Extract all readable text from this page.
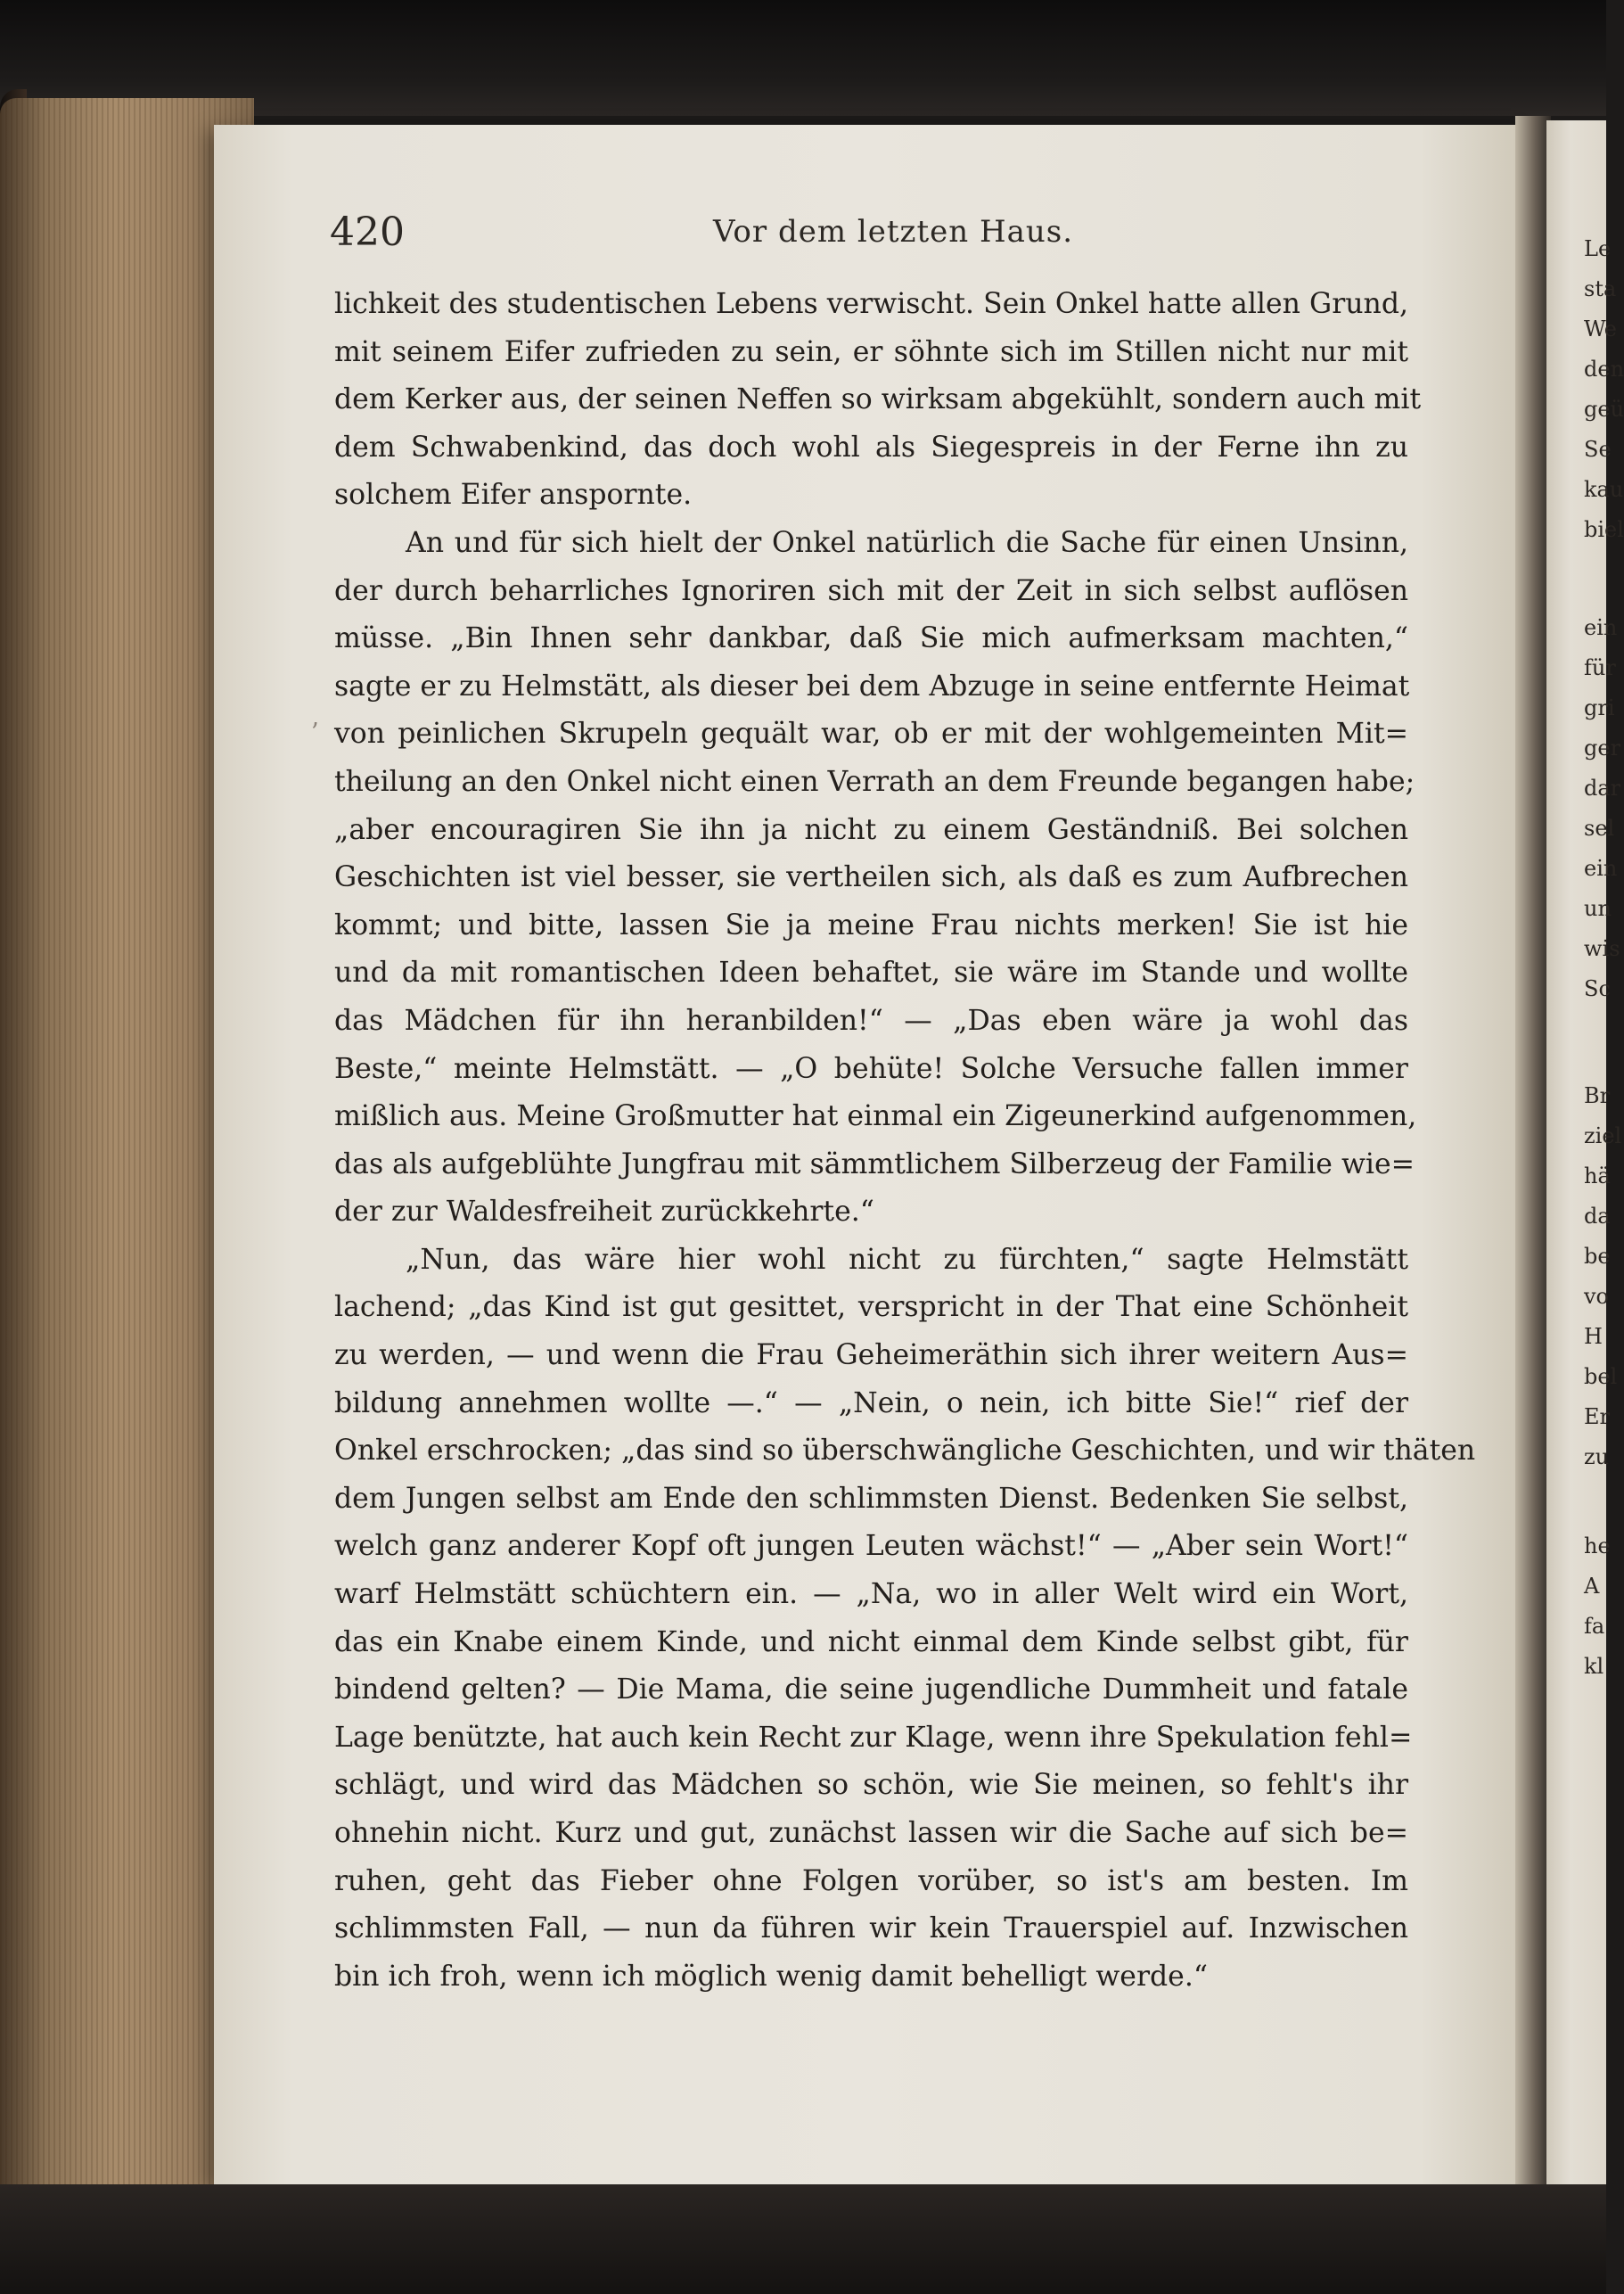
420	Vor dem letzten Haus.
ʼ
lichkeit des studentischen Lebens verwischt. Sein Onkel hatte allen Grund,
mit seinem Eifer zufrieden zu sein, er söhnte sich im Stillen nicht nur mit
dem Kerker aus, der seinen Neffen so wirksam abgekühlt, sondern auch mit
dem Schwabenkind, das doch wohl als Siegespreis in der Ferne ihn zu
solchem Eifer anspornte.
An und für sich hielt der Onkel natürlich die Sache für einen Unsinn,
der durch beharrliches Ignoriren sich mit der Zeit in sich selbst auflösen
müsse. „Bin Ihnen sehr dankbar, daß Sie mich aufmerksam machten,“
sagte er zu Helmstätt, als dieser bei dem Abzuge in seine entfernte Heimat
von peinlichen Skrupeln gequält war, ob er mit der wohlgemeinten Mit=
theilung an den Onkel nicht einen Verrath an dem Freunde begangen habe;
„aber encouragiren Sie ihn ja nicht zu einem Geständniß. Bei solchen
Geschichten ist viel besser, sie vertheilen sich, als daß es zum Aufbrechen
kommt; und bitte, lassen Sie ja meine Frau nichts merken! Sie ist hie
und da mit romantischen Ideen behaftet, sie wäre im Stande und wollte
das Mädchen für ihn heranbilden!“ — „Das eben wäre ja wohl das
Beste,“ meinte Helmstätt. — „O behüte! Solche Versuche fallen immer
mißlich aus. Meine Großmutter hat einmal ein Zigeunerkind aufgenommen,
das als aufgeblühte Jungfrau mit sämmtlichem Silberzeug der Familie wie=
der zur Waldesfreiheit zurückkehrte.“
„Nun, das wäre hier wohl nicht zu fürchten,“ sagte Helmstätt
lachend; „das Kind ist gut gesittet, verspricht in der That eine Schönheit
zu werden, — und wenn die Frau Geheimeräthin sich ihrer weitern Aus=
bildung annehmen wollte —.“ — „Nein, o nein, ich bitte Sie!“ rief der
Onkel erschrocken; „das sind so überschwängliche Geschichten, und wir thäten
dem Jungen selbst am Ende den schlimmsten Dienst. Bedenken Sie selbst,
welch ganz anderer Kopf oft jungen Leuten wächst!“ — „Aber sein Wort!“
warf Helmstätt schüchtern ein. — „Na, wo in aller Welt wird ein Wort,
das ein Knabe einem Kinde, und nicht einmal dem Kinde selbst gibt, für
bindend gelten? — Die Mama, die seine jugendliche Dummheit und fatale
Lage benützte, hat auch kein Recht zur Klage, wenn ihre Spekulation fehl=
schlägt, und wird das Mädchen so schön, wie Sie meinen, so fehlt's ihr
ohnehin nicht. Kurz und gut, zunächst lassen wir die Sache auf sich be=
ruhen, geht das Fieber ohne Folgen vorüber, so ist's am besten. Im
schlimmsten Fall, — nun da führen wir kein Trauerspiel auf. Inzwischen
bin ich froh, wenn ich möglich wenig damit behelligt werde.“
Le
sta
We
den
geü
Se
kau
biel
ein
für
gri
ger
dar
sel
ein
un
wis
Sc
Br
ziel
hä
da
be
vo
H
bel
Er
zu
he
A
fa
kl
